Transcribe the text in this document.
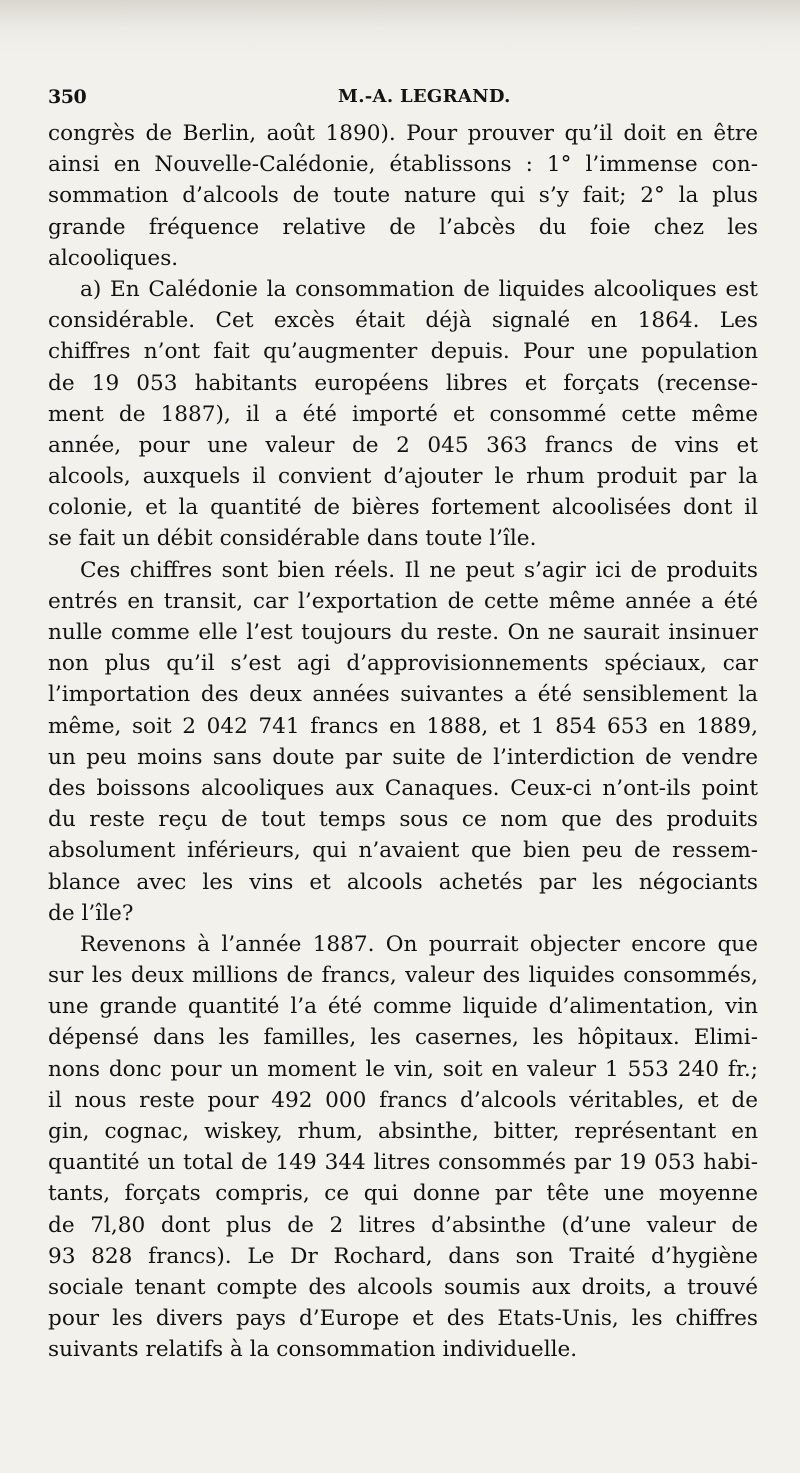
350	M.-A. LEGRAND.
congrès de Berlin, août 1890). Pour prouver qu’il doit en être
ainsi en Nouvelle-Calédonie, établissons : 1° l’immense con-
sommation d’alcools de toute nature qui s’y fait; 2° la plus
grande fréquence relative de l’abcès du foie chez les
alcooliques.
a) En Calédonie la consommation de liquides alcooliques est
considérable. Cet excès était déjà signalé en 1864. Les
chiffres n’ont fait qu’augmenter depuis. Pour une population
de 19 053 habitants européens libres et forçats (recense-
ment de 1887), il a été importé et consommé cette même
année, pour une valeur de 2 045 363 francs de vins et
alcools, auxquels il convient d’ajouter le rhum produit par la
colonie, et la quantité de bières fortement alcoolisées dont il
se fait un débit considérable dans toute l’île.
Ces chiffres sont bien réels. Il ne peut s’agir ici de produits
entrés en transit, car l’exportation de cette même année a été
nulle comme elle l’est toujours du reste. On ne saurait insinuer
non plus qu’il s’est agi d’approvisionnements spéciaux, car
l’importation des deux années suivantes a été sensiblement la
même, soit 2 042 741 francs en 1888, et 1 854 653 en 1889,
un peu moins sans doute par suite de l’interdiction de vendre
des boissons alcooliques aux Canaques. Ceux-ci n’ont-ils point
du reste reçu de tout temps sous ce nom que des produits
absolument inférieurs, qui n’avaient que bien peu de ressem-
blance avec les vins et alcools achetés par les négociants
de l’île?
Revenons à l’année 1887. On pourrait objecter encore que
sur les deux millions de francs, valeur des liquides consommés,
une grande quantité l’a été comme liquide d’alimentation, vin
dépensé dans les familles, les casernes, les hôpitaux. Elimi-
nons donc pour un moment le vin, soit en valeur 1 553 240 fr.;
il nous reste pour 492 000 francs d’alcools véritables, et de
gin, cognac, wiskey, rhum, absinthe, bitter, représentant en
quantité un total de 149 344 litres consommés par 19 053 habi-
tants, forçats compris, ce qui donne par tête une moyenne
de 7l,80 dont plus de 2 litres d’absinthe (d’une valeur de
93 828 francs). Le Dr Rochard, dans son Traité d’hygiène
sociale tenant compte des alcools soumis aux droits, a trouvé
pour les divers pays d’Europe et des Etats-Unis, les chiffres
suivants relatifs à la consommation individuelle.
